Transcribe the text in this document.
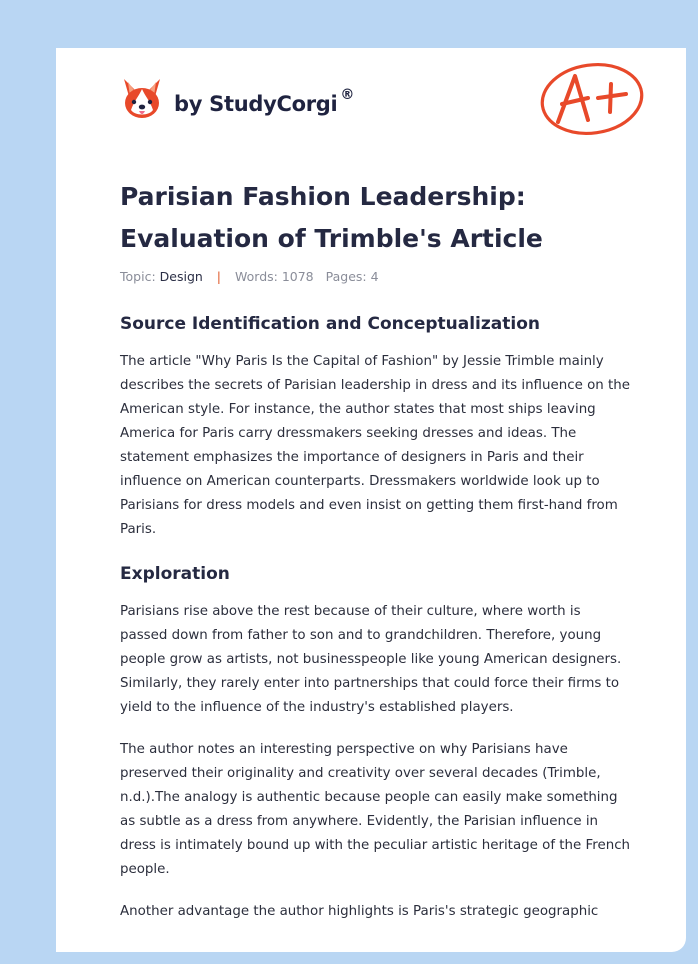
by StudyCorgi ®
Parisian Fashion Leadership: Evaluation of Trimble's Article
Topic: Design | Words: 1078 Pages: 4
Source Identification and Conceptualization

The article "Why Paris Is the Capital of Fashion" by Jessie Trimble mainly describes the secrets of Parisian leadership in dress and its influence on the American style. For instance, the author states that most ships leaving America for Paris carry dressmakers seeking dresses and ideas. The statement emphasizes the importance of designers in Paris and their influence on American counterparts. Dressmakers worldwide look up to Parisians for dress models and even insist on getting them first-hand from Paris.

Exploration

Parisians rise above the rest because of their culture, where worth is passed down from father to son and to grandchildren. Therefore, young people grow as artists, not businesspeople like young American designers. Similarly, they rarely enter into partnerships that could force their firms to yield to the influence of the industry's established players.

The author notes an interesting perspective on why Parisians have preserved their originality and creativity over several decades (Trimble, n.d.).The analogy is authentic because people can easily make something as subtle as a dress from anywhere. Evidently, the Parisian influence in dress is intimately bound up with the peculiar artistic heritage of the French people.

Another advantage the author highlights is Paris's strategic geographic
